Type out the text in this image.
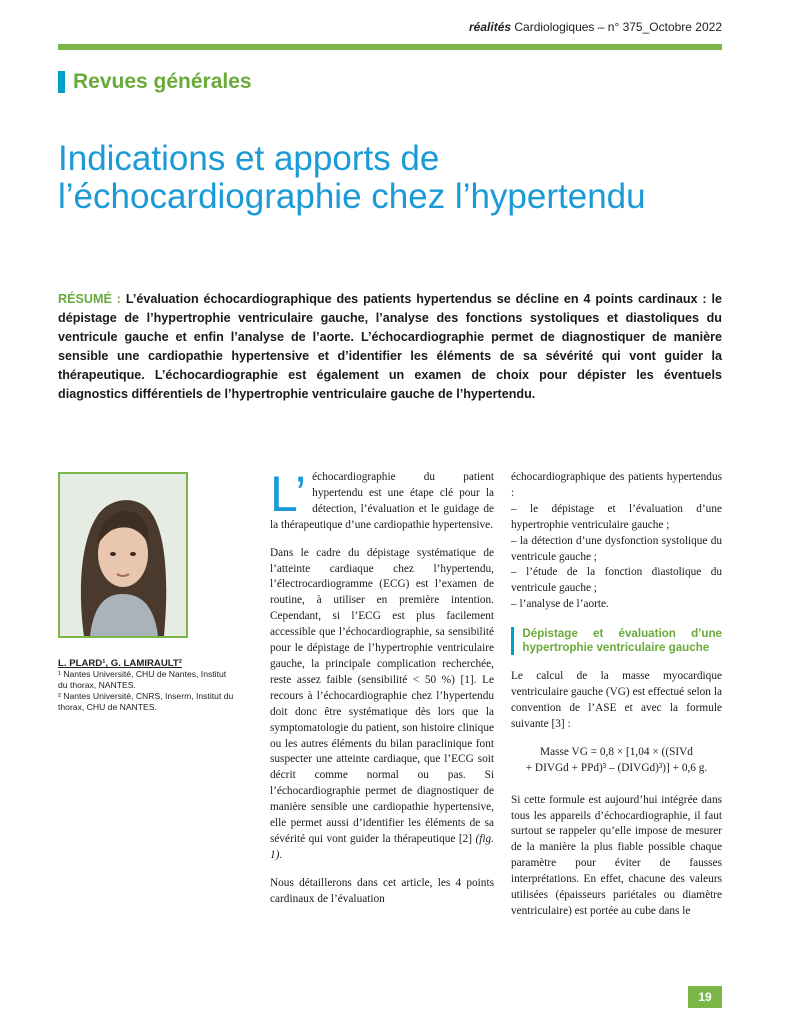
réalités Cardiologiques – n° 375_Octobre 2022
Revues générales
Indications et apports de
l’échocardiographie chez l’hypertendu
RÉSUMÉ : L’évaluation échocardiographique des patients hypertendus se décline en 4 points cardinaux : le dépistage de l’hypertrophie ventriculaire gauche, l’analyse des fonctions systoliques et diastoliques du ventricule gauche et enfin l’analyse de l’aorte. L’échocardiographie permet de diagnostiquer de manière sensible une cardiopathie hypertensive et d’identifier les éléments de sa sévérité qui vont guider la thérapeutique. L’échocardiographie est également un examen de choix pour dépister les éventuels diagnostics différentiels de l’hypertrophie ventriculaire gauche de l’hypertendu.
L. PLARD¹, G. LAMIRAULT²
¹ Nantes Université, CHU de Nantes, Institut du thorax, NANTES.
² Nantes Université, CNRS, Inserm, Institut du thorax, CHU de NANTES.

L’ échocardiographie du patient hypertendu est une étape clé pour la détection, l’évaluation et le guidage de la thérapeutique d’une cardiopathie hypertensive.

Dans le cadre du dépistage systématique de l’atteinte cardiaque chez l’hypertendu, l’électrocardiogramme (ECG) est l’examen de routine, à utiliser en première intention. Cependant, si l’ECG est plus facilement accessible que l’échocardiographie, sa sensibilité pour le dépistage de l’hypertrophie ventriculaire gauche, la principale complication recherchée, reste assez faible (sensibilité < 50 %) [1]. Le recours à l’échocardiographie chez l’hypertendu doit donc être systématique dès lors que la symptomatologie du patient, son histoire clinique ou les autres éléments du bilan paraclinique font suspecter une atteinte cardiaque, que l’ECG soit décrit comme normal ou pas. Si l’échocardiographie permet de diagnostiquer de manière sensible une cardiopathie hypertensive, elle permet aussi d’identifier les éléments de sa sévérité qui vont guider la thérapeutique [2] (fig. 1).

Nous détaillerons dans cet article, les 4 points cardinaux de l’évaluation

échocardiographique des patients hypertendus :
– le dépistage et l’évaluation d’une hypertrophie ventriculaire gauche ;
– la détection d’une dysfonction systolique du ventricule gauche ;
– l’étude de la fonction diastolique du ventricule gauche ;
– l’analyse de l’aorte.
Dépistage et évaluation d’une hypertrophie ventriculaire gauche

Le calcul de la masse myocardique ventriculaire gauche (VG) est effectué selon la convention de l’ASE et avec la formule suivante [3] :

Masse VG = 0,8 × [1,04 × ((SIVd
+ DIVGd + PPd)³ – (DIVGd)³)] + 0,6 g.

Si cette formule est aujourd’hui intégrée dans tous les appareils d’échocardiographie, il faut surtout se rappeler qu’elle impose de mesurer de la manière la plus fiable possible chaque paramètre pour éviter de fausses interprétations. En effet, chacune des valeurs utilisées (épaisseurs pariétales ou diamètre ventriculaire) est portée au cube dans le

19
